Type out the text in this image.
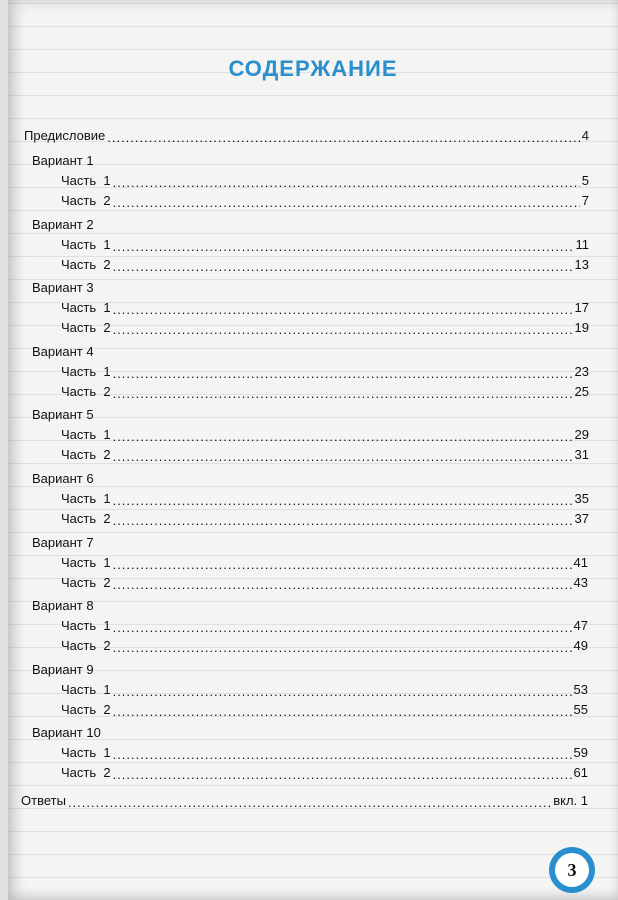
СОДЕРЖАНИЕ
Предисловие .....	4
Вариант 1
Часть  1 .....	5
Часть  2 .....	7
Вариант 2
Часть  1 .....	11
Часть  2 .....	13
Вариант 3
Часть  1 .....	17
Часть  2 .....	19
Вариант 4
Часть  1 .....	23
Часть  2 .....	25
Вариант 5
Часть  1 .....	29
Часть  2 .....	31
Вариант 6
Часть  1 .....	35
Часть  2 .....	37
Вариант 7
Часть  1 .....	41
Часть  2 .....	43
Вариант 8
Часть  1 .....	47
Часть  2 .....	49
Вариант 9
Часть  1 .....	53
Часть  2 .....	55
Вариант 10
Часть  1 .....	59
Часть  2 .....	61
Ответы .....	вкл. 1
3
